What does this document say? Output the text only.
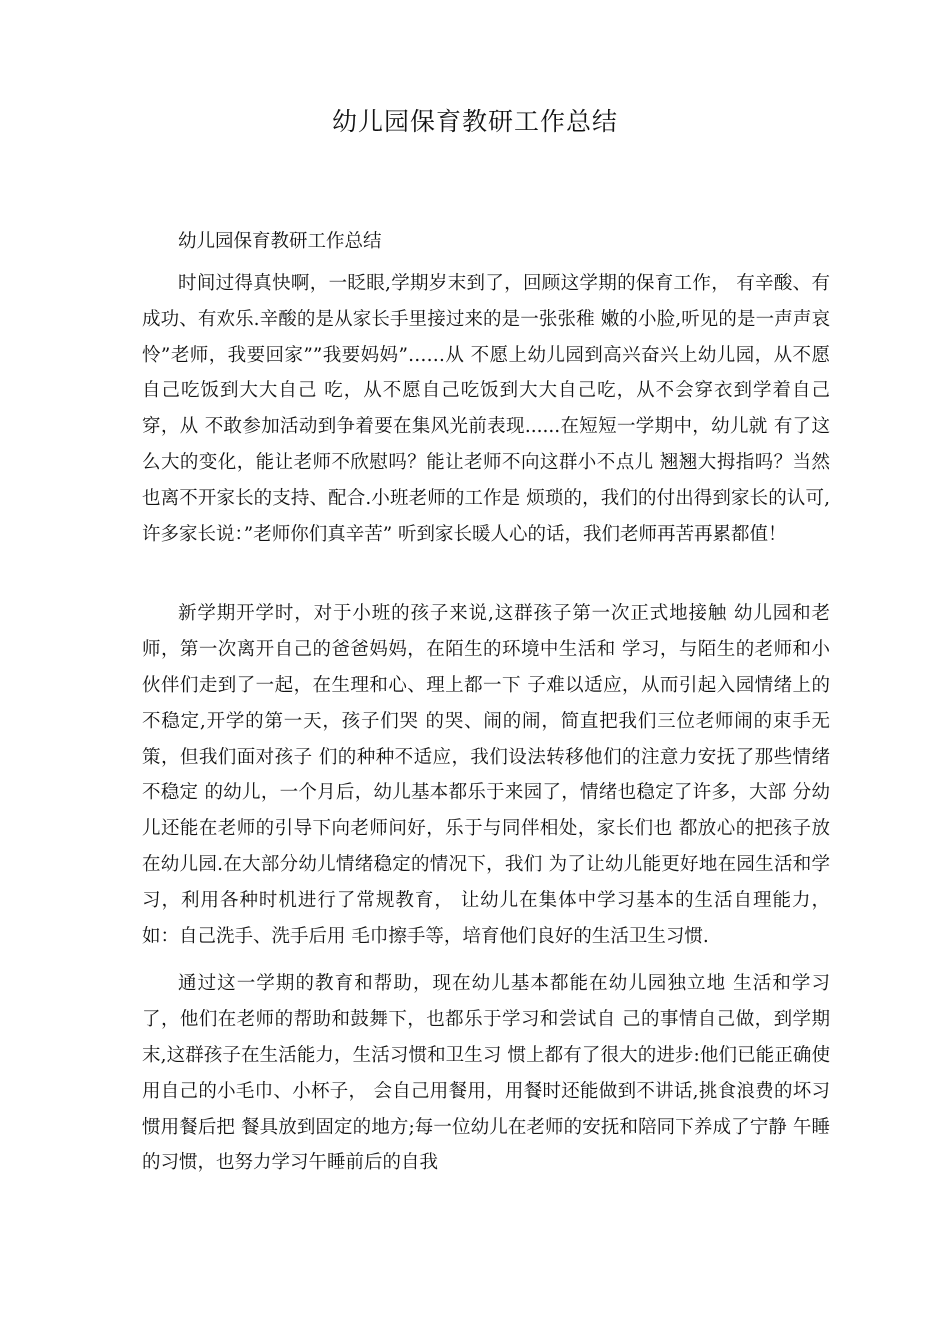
幼儿园保育教研工作总结

幼儿园保育教研工作总结

时间过得真快啊，一眨眼,学期岁末到了，回顾这学期的保育工作， 有辛酸、有成功、有欢乐.辛酸的是从家长手里接过来的是一张张稚 嫩的小脸,听见的是一声声哀怜”老师，我要回家””我要妈妈”……从 不愿上幼儿园到高兴奋兴上幼儿园，从不愿自己吃饭到大大自己 吃，从不愿自己吃饭到大大自己吃，从不会穿衣到学着自己穿，从 不敢参加活动到争着要在集风光前表现......在短短一学期中，幼儿就 有了这么大的变化，能让老师不欣慰吗？能让老师不向这群小不点儿 翘翘大拇指吗？当然也离不开家长的支持、配合.小班老师的工作是 烦琐的，我们的付出得到家长的认可,许多家长说：”老师你们真辛苦” 听到家长暖人心的话，我们老师再苦再累都值！

新学期开学时，对于小班的孩子来说,这群孩子第一次正式地接触 幼儿园和老师，第一次离开自己的爸爸妈妈，在陌生的环境中生活和 学习，与陌生的老师和小伙伴们走到了一起，在生理和心、理上都一下 子难以适应，从而引起入园情绪上的不稳定,开学的第一天，孩子们哭 的哭、闹的闹，简直把我们三位老师闹的束手无策，但我们面对孩子 们的种种不适应，我们设法转移他们的注意力安抚了那些情绪不稳定 的幼儿，一个月后，幼儿基本都乐于来园了，情绪也稳定了许多，大部 分幼儿还能在老师的引导下向老师问好，乐于与同伴相处，家长们也 都放心的把孩子放在幼儿园.在大部分幼儿情绪稳定的情况下，我们 为了让幼儿能更好地在园生活和学习，利用各种时机进行了常规教育， 让幼儿在集体中学习基本的生活自理能力，如：自己洗手、洗手后用 毛巾擦手等，培育他们良好的生活卫生习惯.

通过这一学期的教育和帮助，现在幼儿基本都能在幼儿园独立地 生活和学习了，他们在老师的帮助和鼓舞下，也都乐于学习和尝试自 己的事情自己做，到学期末,这群孩子在生活能力，生活习惯和卫生习 惯上都有了很大的进步:他们已能正确使用自己的小毛巾、小杯子， 会自己用餐用，用餐时还能做到不讲话,挑食浪费的坏习惯用餐后把 餐具放到固定的地方;每一位幼儿在老师的安抚和陪同下养成了宁静 午睡的习惯，也努力学习午睡前后的自我
